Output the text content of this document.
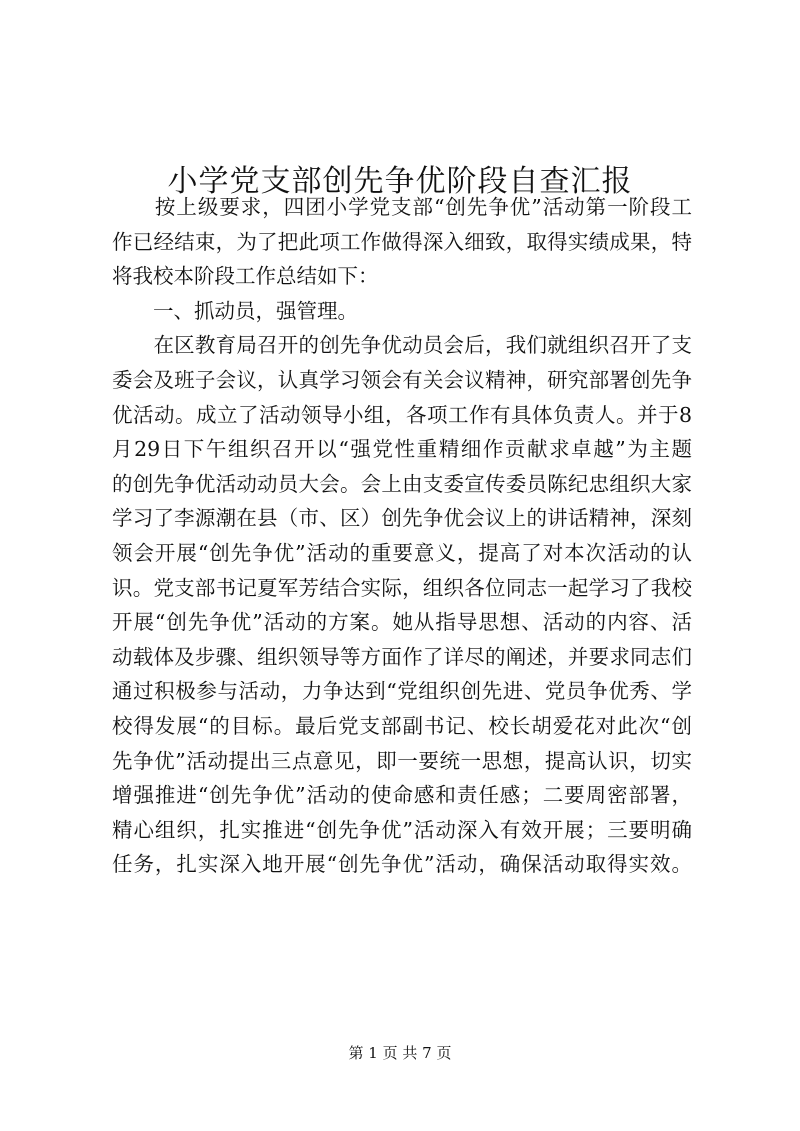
小学党支部创先争优阶段自查汇报
　　按上级要求，四团小学党支部“创先争优”活动第一阶段工
作已经结束，为了把此项工作做得深入细致，取得实绩成果，特
将我校本阶段工作总结如下：
　　一、抓动员，强管理。
　　在区教育局召开的创先争优动员会后，我们就组织召开了支
委会及班子会议，认真学习领会有关会议精神，研究部署创先争
优活动。成立了活动领导小组，各项工作有具体负责人。并于8
月29日下午组织召开以“强党性重精细作贡献求卓越”为主题
的创先争优活动动员大会。会上由支委宣传委员陈纪忠组织大家
学习了李源潮在县（市、区）创先争优会议上的讲话精神，深刻
领会开展“创先争优”活动的重要意义，提高了对本次活动的认
识。党支部书记夏军芳结合实际，组织各位同志一起学习了我校
开展“创先争优”活动的方案。她从指导思想、活动的内容、活
动载体及步骤、组织领导等方面作了详尽的阐述，并要求同志们
通过积极参与活动，力争达到“党组织创先进、党员争优秀、学
校得发展“的目标。最后党支部副书记、校长胡爱花对此次“创
先争优”活动提出三点意见，即一要统一思想，提高认识，切实
增强推进“创先争优”活动的使命感和责任感；二要周密部署，
精心组织，扎实推进“创先争优”活动深入有效开展；三要明确
任务，扎实深入地开展“创先争优”活动，确保活动取得实效。
第 1 页 共 7 页
